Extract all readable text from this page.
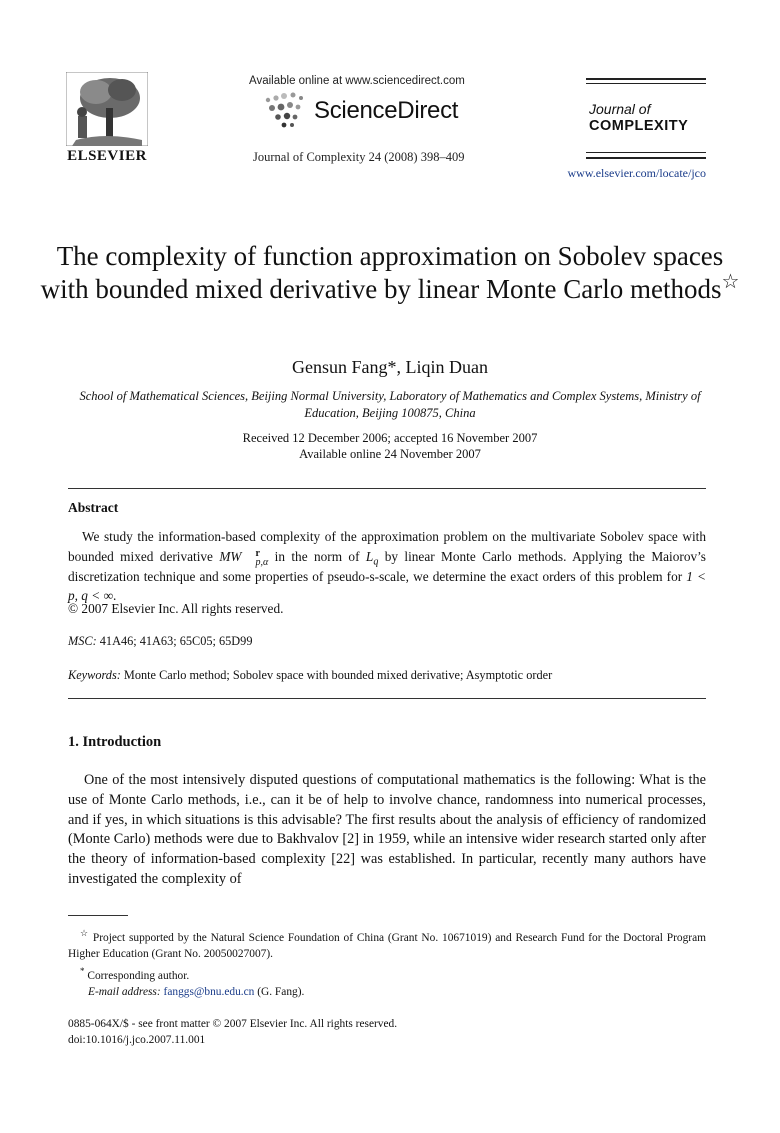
ELSEVIER
Available online at www.sciencedirect.com
ScienceDirect
Journal of Complexity 24 (2008) 398–409
Journal of
COMPLEXITY
www.elsevier.com/locate/jco
The complexity of function approximation on Sobolev spaces with bounded mixed derivative by linear Monte Carlo methods☆
Gensun Fang*, Liqin Duan
School of Mathematical Sciences, Beijing Normal University, Laboratory of Mathematics and Complex Systems, Ministry of Education, Beijing 100875, China
Received 12 December 2006; accepted 16 November 2007
Available online 24 November 2007
Abstract

We study the information-based complexity of the approximation problem on the multivariate Sobolev space with bounded mixed derivative MW	r
p,α in the norm of $L_q$ by linear Monte Carlo methods. Applying the Maiorov’s discretization technique and some properties of pseudo-s-scale, we determine the exact orders of this problem for 1 < p, q < ∞.

© 2007 Elsevier Inc. All rights reserved.
MSC: 41A46; 41A63; 65C05; 65D99
Keywords: Monte Carlo method; Sobolev space with bounded mixed derivative; Asymptotic order
1. Introduction

One of the most intensively disputed questions of computational mathematics is the following: What is the use of Monte Carlo methods, i.e., can it be of help to involve chance, randomness into numerical processes, and if yes, in which situations is this advisable? The first results about the analysis of efficiency of randomized (Monte Carlo) methods were due to Bakhvalov [2] in 1959, while an intensive wider research started only after the theory of information-based complexity [22] was established. In particular, recently many authors have investigated the complexity of

☆ Project supported by the Natural Science Foundation of China (Grant No. 10671019) and Research Fund for the Doctoral Program Higher Education (Grant No. 20050027007).

* Corresponding author.

E-mail address: fanggs@bnu.edu.cn (G. Fang).

0885-064X/$ - see front matter © 2007 Elsevier Inc. All rights reserved.
doi:10.1016/j.jco.2007.11.001
